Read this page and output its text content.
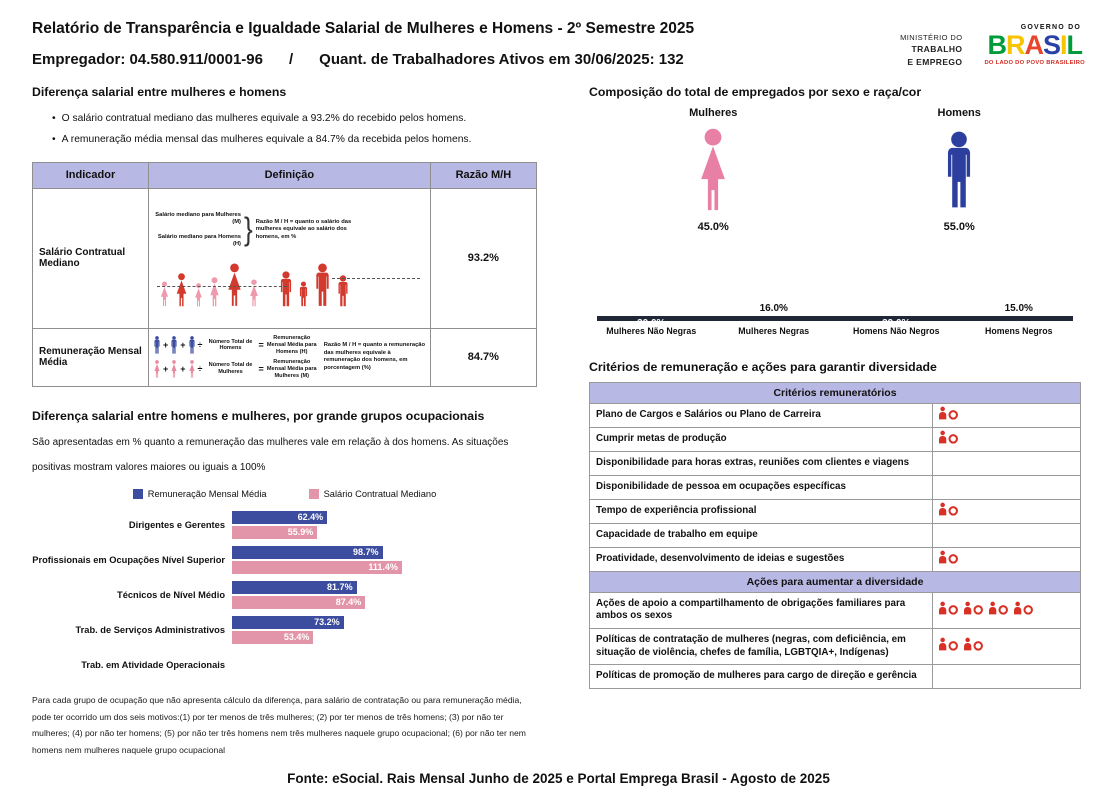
Relatório de Transparência e Igualdade Salarial de Mulheres e Homens - 2º Semestre 2025
Empregador: 04.580.911/0001-96 / Quant. de Trabalhadores Ativos em 30/06/2025: 132
MINISTÉRIO DO
TRABALHO
E EMPREGO
GOVERNO DO
BRASIL
DO LADO DO POVO BRASILEIRO
Diferença salarial entre mulheres e homens
• O salário contratual mediano das mulheres equivale a 93.2% do recebido pelos homens.
• A remuneração média mensal das mulheres equivale a 84.7% da recebida pelos homens.
Indicador	Definição	Razão M/H
Salário Contratual Mediano	Salário mediano para Mulheres (M)
Salário mediano para Homens (H)
}
Razão M / H = quanto o salário das mulheres equivale ao salário dos homens, em %	93.2%
Remuneração Mensal Média	
+ + ÷	Número Total de Homens	=
Remuneração Mensal Média para Homens (H)
+ + ÷	Número Total de Mulheres	=
Remuneração Mensal Média para Mulheres (M)
Razão M / H = quanto a remuneração das mulheres equivale à remuneração dos homens, em porcentagem (%)
	84.7%
Diferença salarial entre homens e mulheres, por grande grupos ocupacionais

São apresentadas em % quanto a remuneração das mulheres vale em relação à dos homens. As situações positivas mostram valores maiores ou iguais a 100%

Remuneração Mensal Média	Salário Contratual Mediano
Dirigentes e Gerentes
62.4%
55.9%
Profissionais em Ocupações Nível Superior
98.7%
111.4%
Técnicos de Nível Médio
81.7%
87.4%
Trab. de Serviços Administrativos
73.2%
53.4%
Trab. em Atividade Operacionais

Para cada grupo de ocupação que não apresenta cálculo da diferença, para salário de contratação ou para remuneração média, pode ter ocorrido um dos seis motivos:(1) por ter menos de três mulheres; (2) por ter menos de três homens; (3) por não ter mulheres; (4) por não ter homens; (5) por não ter três homens nem três mulheres naquele grupo ocupacional; (6) por não ter nem homens nem mulheres naquele grupo ocupacional

Composição do total de empregados por sexo e raça/cor
Mulheres
45.0%
Homens
55.0%
30.0%
16.0%
39.0%
15.0%
Mulheres Não Negras	Mulheres Negras	Homens Não Negros	Homens Negros
Critérios de remuneração e ações para garantir diversidade
Critérios remuneratórios	
Plano de Cargos e Salários ou Plano de Carreira	

Cumprir metas de produção	

Disponibilidade para horas extras, reuniões com clientes e viagens	
Disponibilidade de pessoa em ocupações específicas	
Tempo de experiência profissional	

Capacidade de trabalho em equipe	
Proatividade, desenvolvimento de ideias e sugestões	

Ações para aumentar a diversidade	
Ações de apoio a compartilhamento de obrigações familiares para ambos os sexos	

Políticas de contratação de mulheres (negras, com deficiência, em situação de violência, chefes de família, LGBTQIA+, Indígenas)	

Políticas de promoção de mulheres para cargo de direção e gerência	
Fonte: eSocial. Rais Mensal Junho de 2025 e Portal Emprega Brasil - Agosto de 2025
